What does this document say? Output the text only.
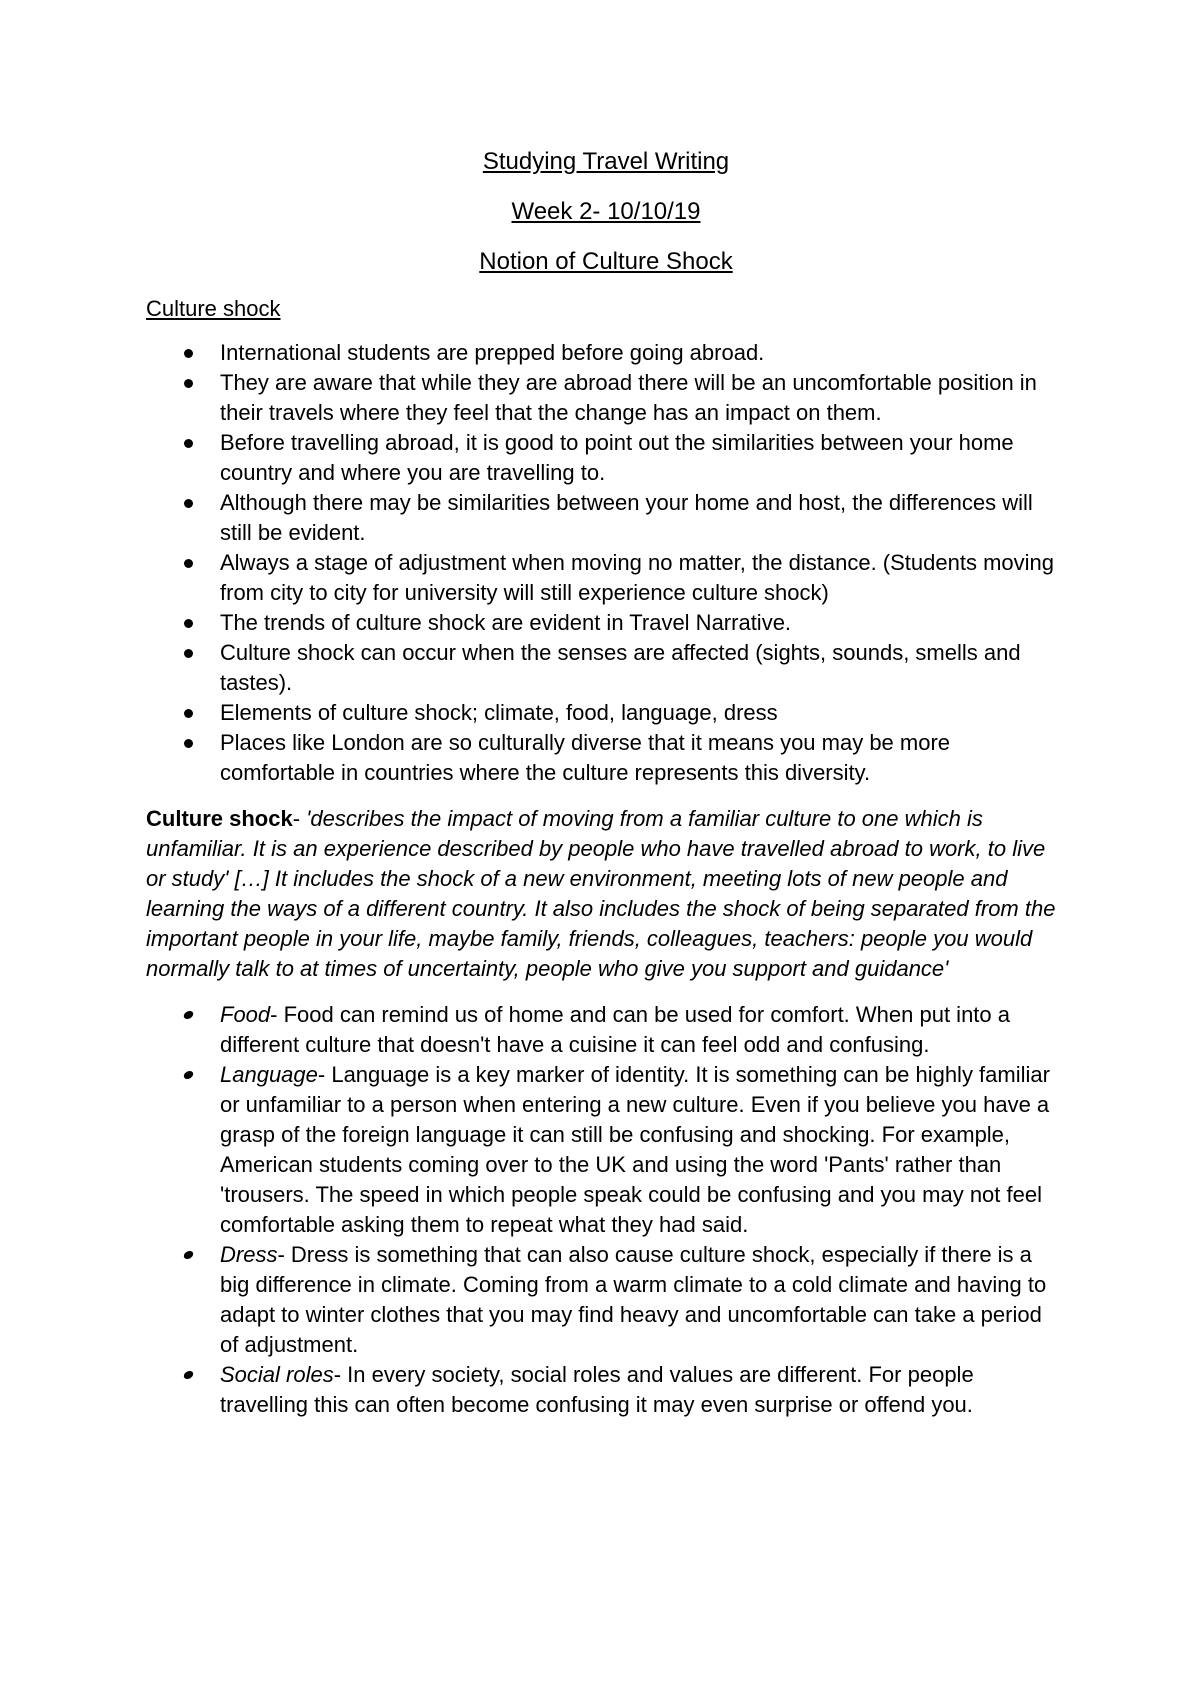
Studying Travel Writing
Week 2- 10/10/19
Notion of Culture Shock
Culture shock
International students are prepped before going abroad.
They are aware that while they are abroad there will be an uncomfortable position in their travels where they feel that the change has an impact on them.
Before travelling abroad, it is good to point out the similarities between your home country and where you are travelling to.
Although there may be similarities between your home and host, the differences will still be evident.
Always a stage of adjustment when moving no matter, the distance. (Students moving from city to city for university will still experience culture shock)
The trends of culture shock are evident in Travel Narrative.
Culture shock can occur when the senses are affected (sights, sounds, smells and tastes).
Elements of culture shock; climate, food, language, dress
Places like London are so culturally diverse that it means you may be more comfortable in countries where the culture represents this diversity.

Culture shock- 'describes the impact of moving from a familiar culture to one which is unfamiliar. It is an experience described by people who have travelled abroad to work, to live or study' […] It includes the shock of a new environment, meeting lots of new people and learning the ways of a different country. It also includes the shock of being separated from the important people in your life, maybe family, friends, colleagues, teachers: people you would normally talk to at times of uncertainty, people who give you support and guidance'

Food- Food can remind us of home and can be used for comfort. When put into a different culture that doesn't have a cuisine it can feel odd and confusing.
Language- Language is a key marker of identity. It is something can be highly familiar or unfamiliar to a person when entering a new culture. Even if you believe you have a grasp of the foreign language it can still be confusing and shocking. For example, American students coming over to the UK and using the word 'Pants' rather than 'trousers. The speed in which people speak could be confusing and you may not feel comfortable asking them to repeat what they had said.
Dress- Dress is something that can also cause culture shock, especially if there is a big difference in climate. Coming from a warm climate to a cold climate and having to adapt to winter clothes that you may find heavy and uncomfortable can take a period of adjustment.
Social roles- In every society, social roles and values are different. For people travelling this can often become confusing it may even surprise or offend you.
